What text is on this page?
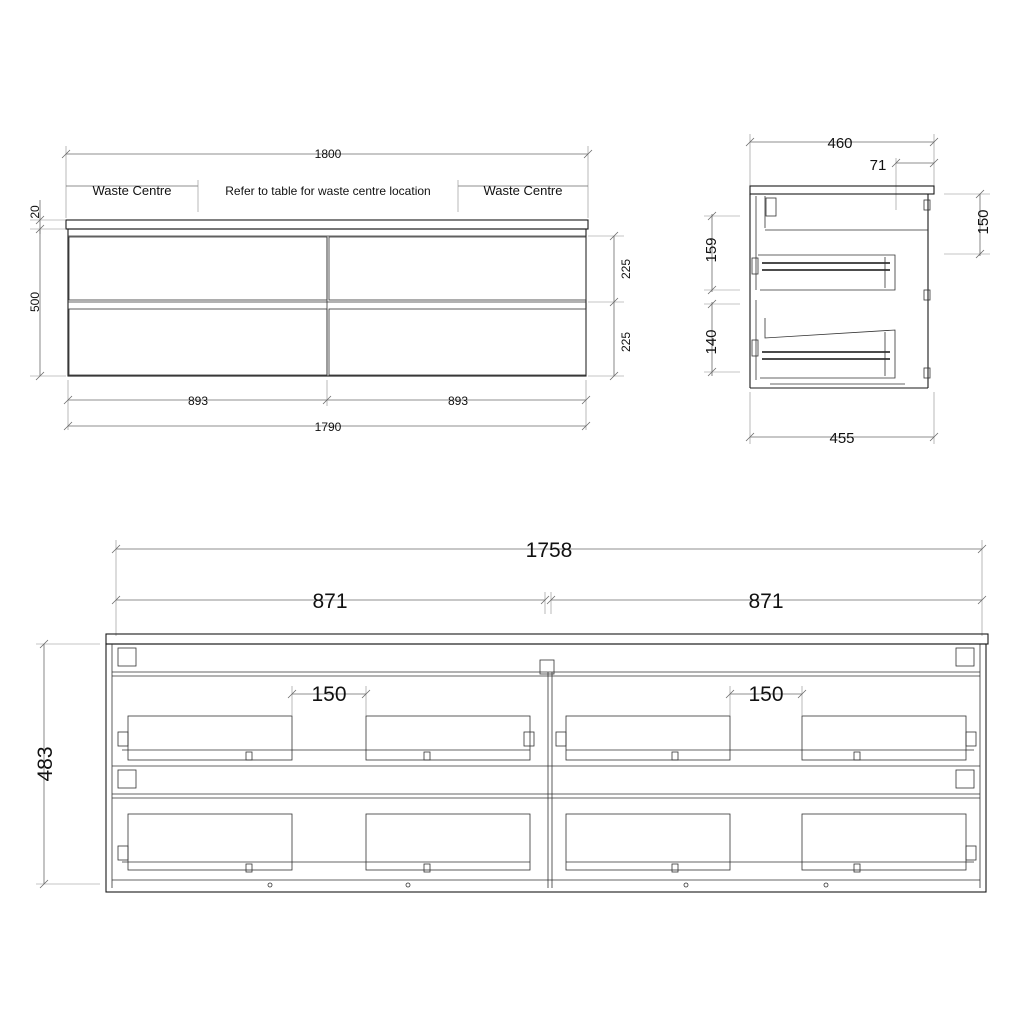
1800
Waste Centre	Waste Centre
Refer to table for waste centre location
20
500
225
225
893	893
1790
460
71
150
159
140
455
1758
871	871
483
150	150
